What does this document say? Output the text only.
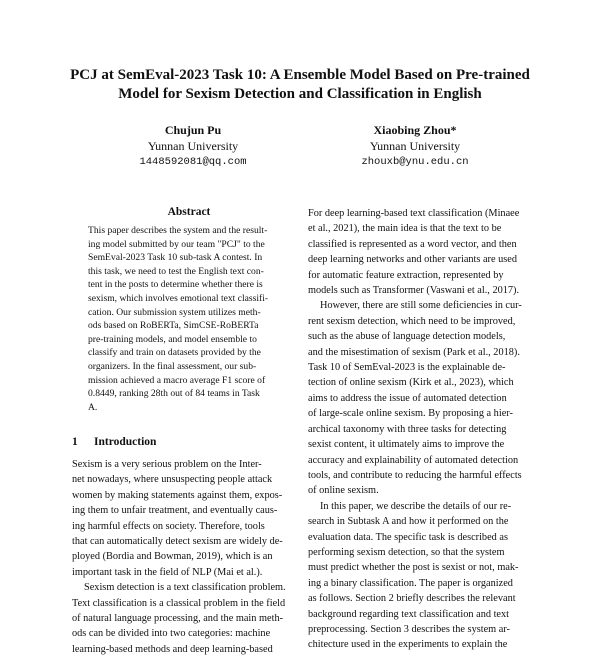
PCJ at SemEval-2023 Task 10: A Ensemble Model Based on Pre-trained
Model for Sexism Detection and Classification in English
Chujun Pu
Yunnan University
1448592081@qq.com
Xiaobing Zhou*
Yunnan University
zhouxb@ynu.edu.cn
Abstract
This paper describes the system and the result-
ing model submitted by our team "PCJ" to the
SemEval-2023 Task 10 sub-task A contest. In
this task, we need to test the English text con-
tent in the posts to determine whether there is
sexism, which involves emotional text classifi-
cation. Our submission system utilizes meth-
ods based on RoBERTa, SimCSE-RoBERTa
pre-training models, and model ensemble to
classify and train on datasets provided by the
organizers. In the final assessment, our sub-
mission achieved a macro average F1 score of
0.8449, ranking 28th out of 84 teams in Task
A.
1 Introduction
Sexism is a very serious problem on the Inter-
net nowadays, where unsuspecting people attack
women by making statements against them, expos-
ing them to unfair treatment, and eventually caus-
ing harmful effects on society. Therefore, tools
that can automatically detect sexism are widely de-
ployed (Bordia and Bowman, 2019), which is an
important task in the field of NLP (Mai et al.).
Sexism detection is a text classification problem.
Text classification is a classical problem in the field
of natural language processing, and the main meth-
ods can be divided into two categories: machine
learning-based methods and deep learning-based
For deep learning-based text classification (Minaee
et al., 2021), the main idea is that the text to be
classified is represented as a word vector, and then
deep learning networks and other variants are used
for automatic feature extraction, represented by
models such as Transformer (Vaswani et al., 2017).
However, there are still some deficiencies in cur-
rent sexism detection, which need to be improved,
such as the abuse of language detection models,
and the misestimation of sexism (Park et al., 2018).
Task 10 of SemEval-2023 is the explainable de-
tection of online sexism (Kirk et al., 2023), which
aims to address the issue of automated detection
of large-scale online sexism. By proposing a hier-
archical taxonomy with three tasks for detecting
sexist content, it ultimately aims to improve the
accuracy and explainability of automated detection
tools, and contribute to reducing the harmful effects
of online sexism.
In this paper, we describe the details of our re-
search in Subtask A and how it performed on the
evaluation data. The specific task is described as
performing sexism detection, so that the system
must predict whether the post is sexist or not, mak-
ing a binary classification. The paper is organized
as follows. Section 2 briefly describes the relevant
background regarding text classification and text
preprocessing. Section 3 describes the system ar-
chitecture used in the experiments to explain the
